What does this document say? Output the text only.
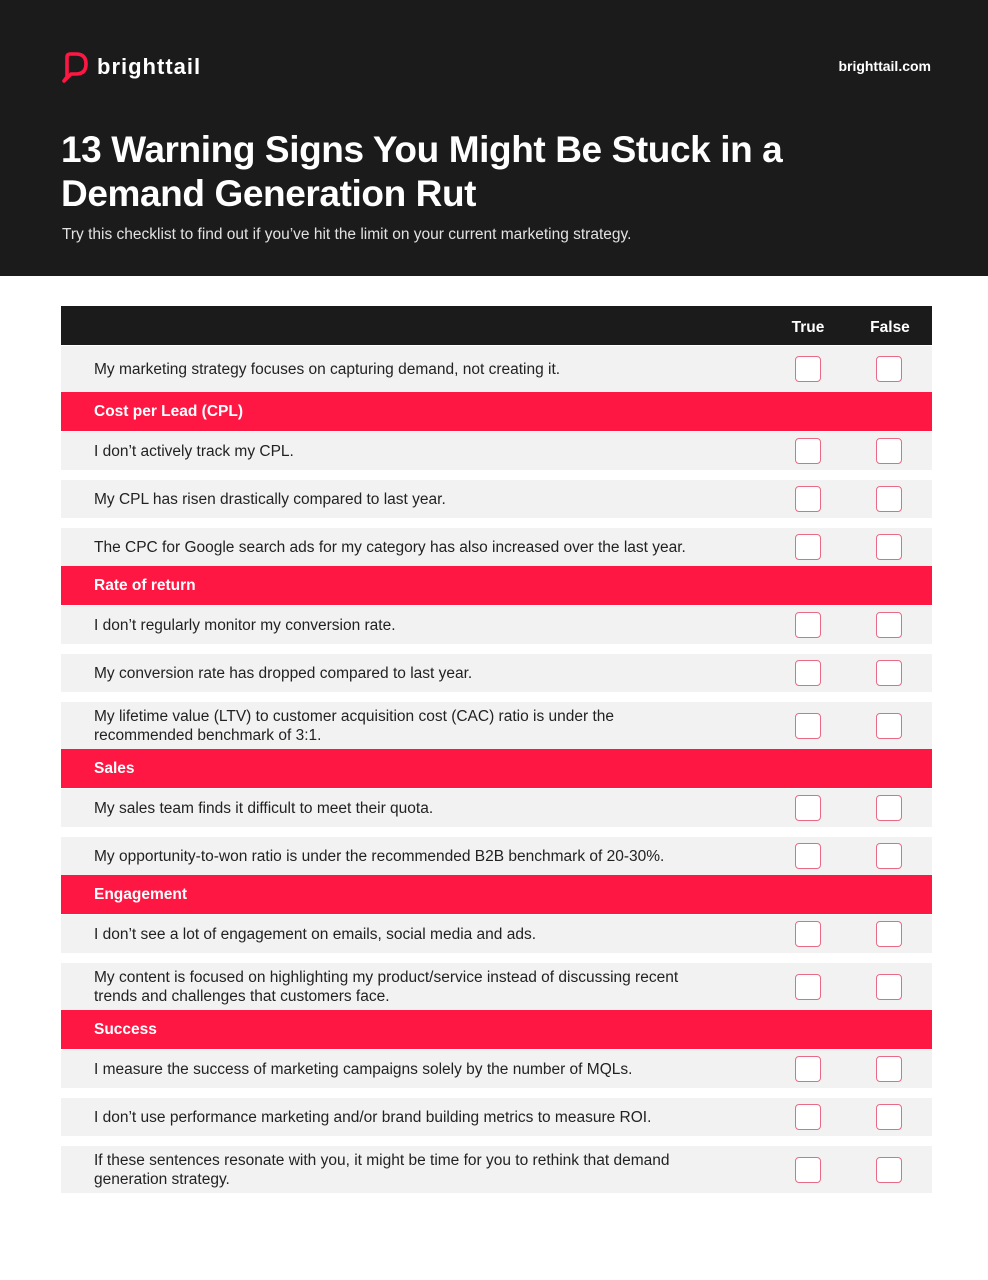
brighttail	brighttail.com
13 Warning Signs You Might Be Stuck in a Demand Generation Rut

Try this checklist to find out if you’ve hit the limit on your current marketing strategy.

True	False
My marketing strategy focuses on capturing demand, not creating it.
Cost per Lead (CPL)
I don’t actively track my CPL.
My CPL has risen drastically compared to last year.
The CPC for Google search ads for my category has also increased over the last year.
Rate of return
I don’t regularly monitor my conversion rate.
My conversion rate has dropped compared to last year.
My lifetime value (LTV) to customer acquisition cost (CAC) ratio is under the recommended benchmark of 3:1.
Sales
My sales team finds it difficult to meet their quota.
My opportunity-to-won ratio is under the recommended B2B benchmark of 20-30%.
Engagement
I don’t see a lot of engagement on emails, social media and ads.
My content is focused on highlighting my product/service instead of discussing recent trends and challenges that customers face.
Success
I measure the success of marketing campaigns solely by the number of MQLs.
I don’t use performance marketing and/or brand building metrics to measure ROI.
If these sentences resonate with you, it might be time for you to rethink that demand generation strategy.
